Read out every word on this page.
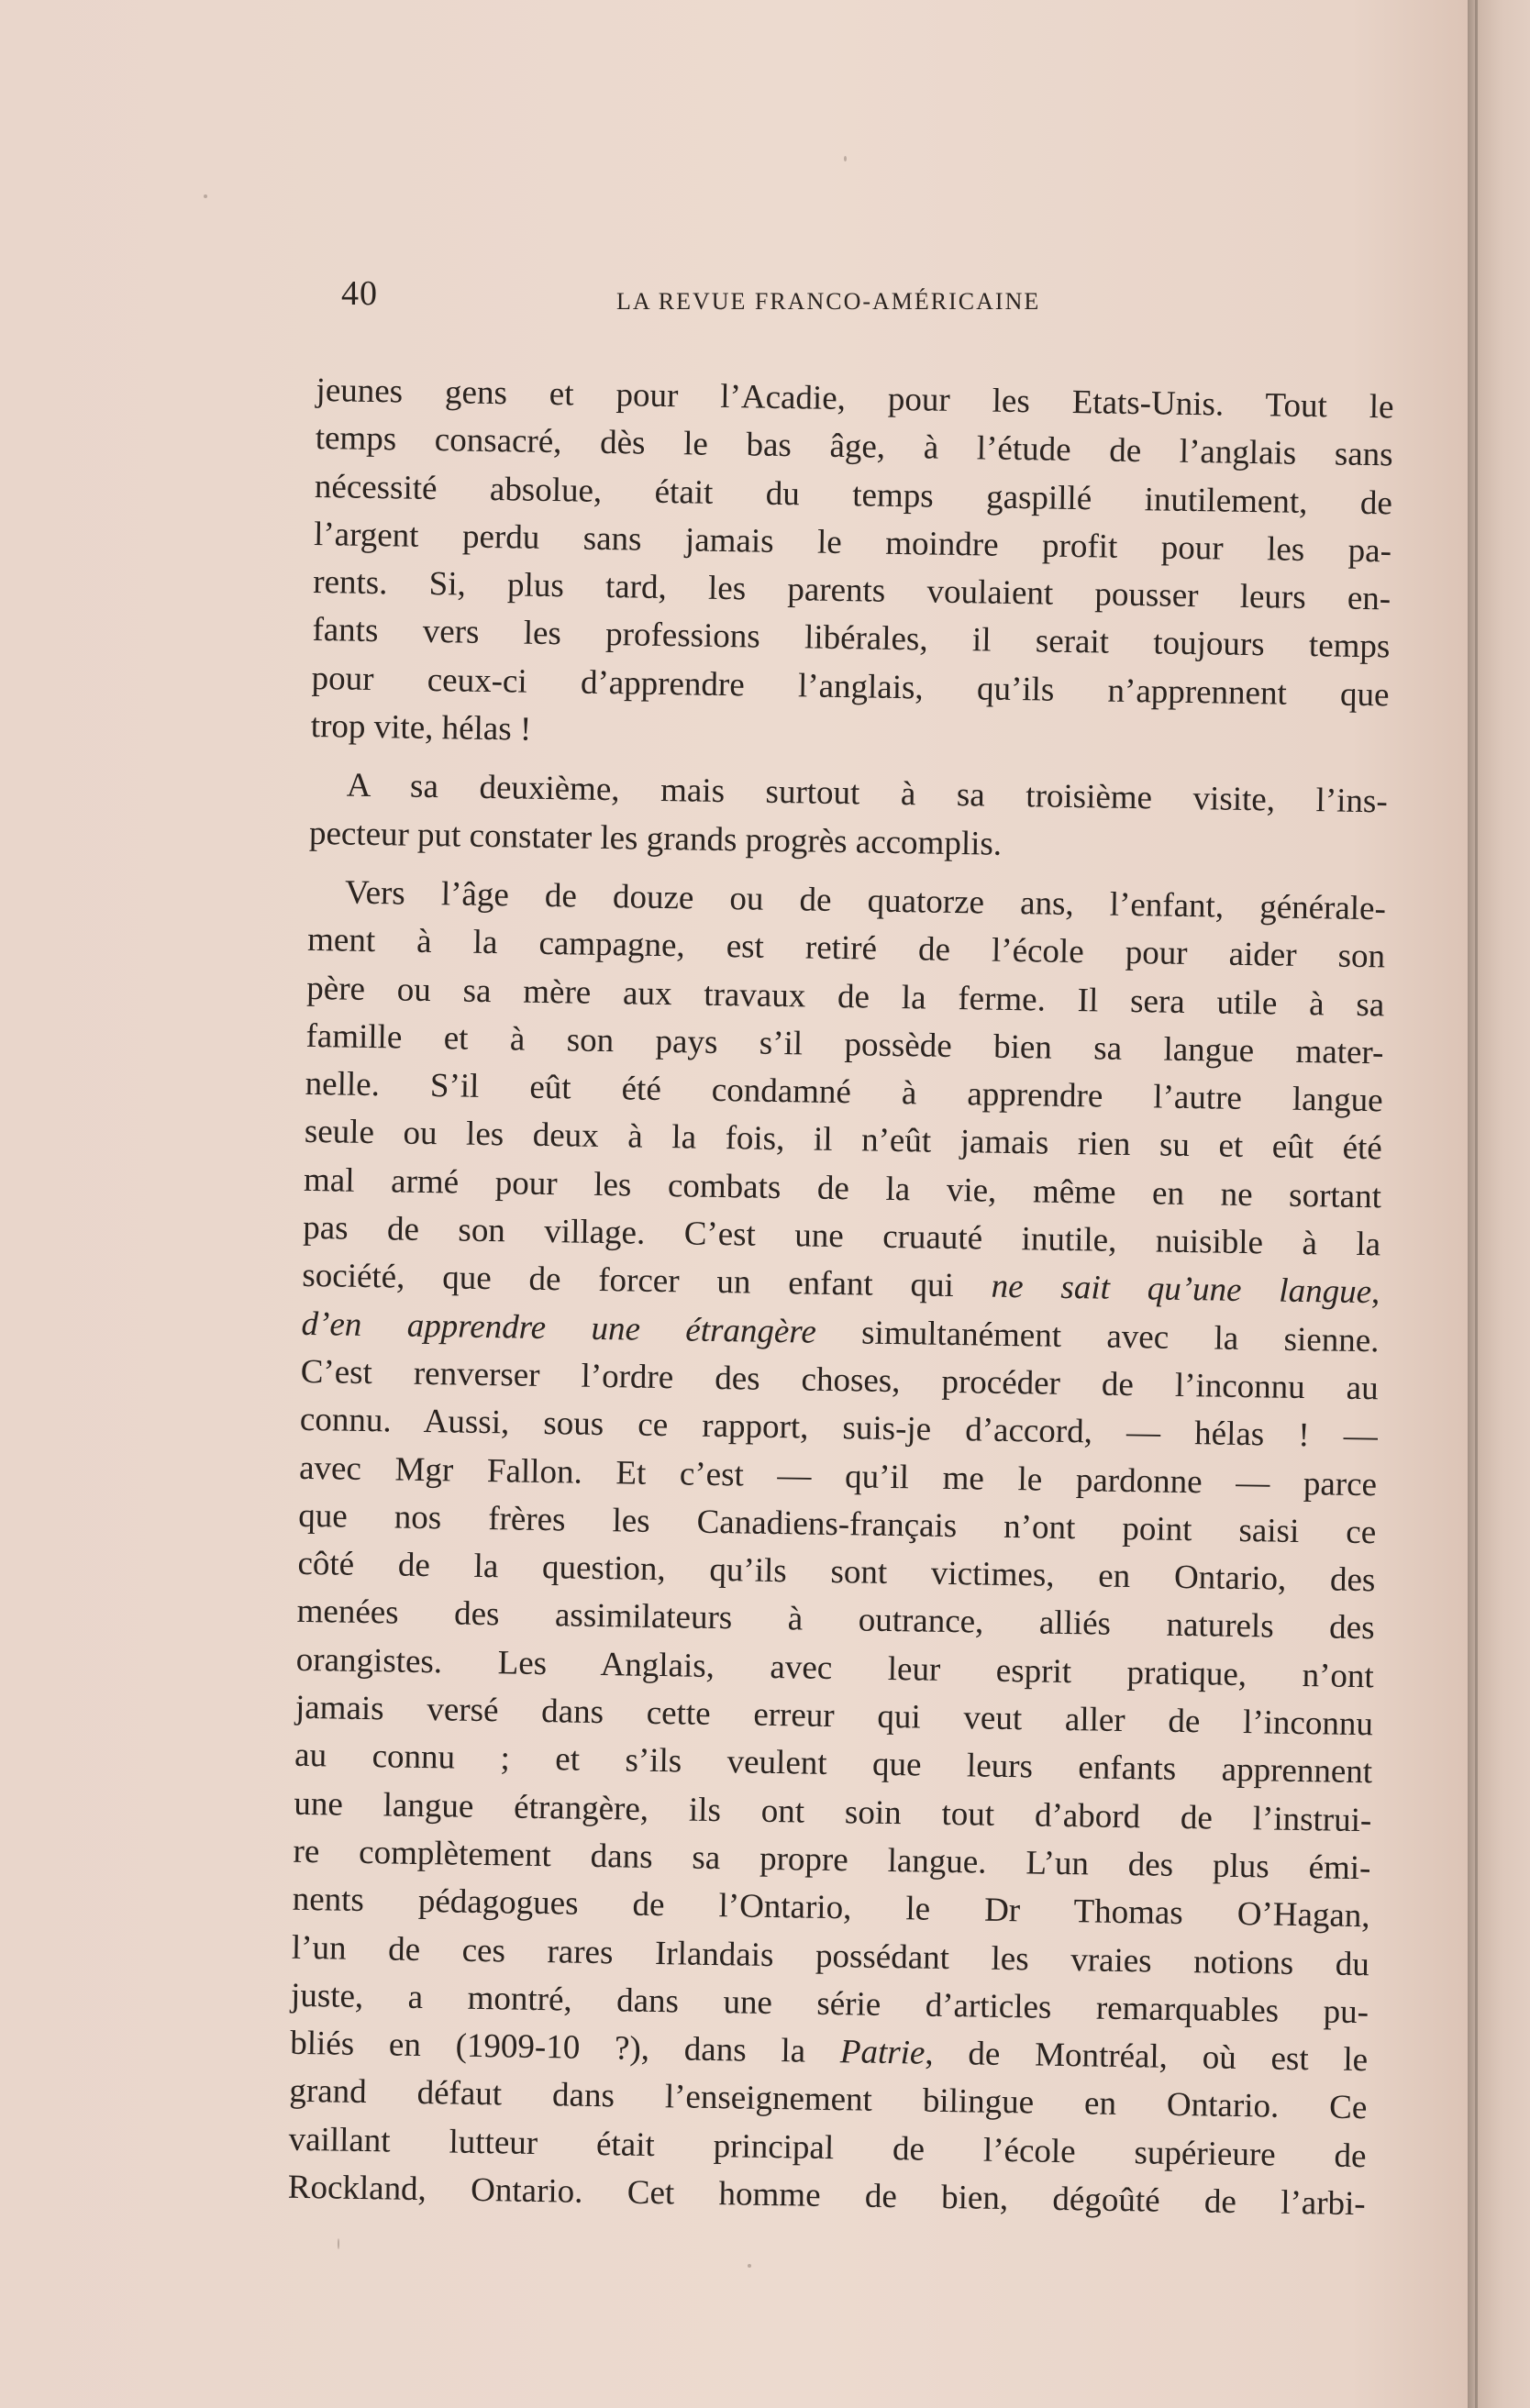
40	LA REVUE FRANCO-AMÉRICAINE
jeunes gens et pour l’Acadie, pour les Etats-Unis. Tout le
temps consacré, dès le bas âge, à l’étude de l’anglais sans
nécessité absolue, était du temps gaspillé inutilement, de
l’argent perdu sans jamais le moindre profit pour les pa-
rents. Si, plus tard, les parents voulaient pousser leurs en-
fants vers les professions libérales, il serait toujours temps
pour ceux-ci d’apprendre l’anglais, qu’ils n’apprennent que
trop vite, hélas !
A sa deuxième, mais surtout à sa troisième visite, l’ins-
pecteur put constater les grands progrès accomplis.
Vers l’âge de douze ou de quatorze ans, l’enfant, générale-
ment à la campagne, est retiré de l’école pour aider son
père ou sa mère aux travaux de la ferme. Il sera utile à sa
famille et à son pays s’il possède bien sa langue mater-
nelle. S’il eût été condamné à apprendre l’autre langue
seule ou les deux à la fois, il n’eût jamais rien su et eût été
mal armé pour les combats de la vie, même en ne sortant
pas de son village. C’est une cruauté inutile, nuisible à la
société, que de forcer un enfant qui ne sait qu’une langue,
d’en apprendre une étrangère simultanément avec la sienne.
C’est renverser l’ordre des choses, procéder de l’inconnu au
connu. Aussi, sous ce rapport, suis-je d’accord, — hélas ! —
avec Mgr Fallon. Et c’est — qu’il me le pardonne — parce
que nos frères les Canadiens-français n’ont point saisi ce
côté de la question, qu’ils sont victimes, en Ontario, des
menées des assimilateurs à outrance, alliés naturels des
orangistes. Les Anglais, avec leur esprit pratique, n’ont
jamais versé dans cette erreur qui veut aller de l’inconnu
au connu ; et s’ils veulent que leurs enfants apprennent
une langue étrangère, ils ont soin tout d’abord de l’instrui-
re complètement dans sa propre langue. L’un des plus émi-
nents pédagogues de l’Ontario, le Dr Thomas O’Hagan,
l’un de ces rares Irlandais possédant les vraies notions du
juste, a montré, dans une série d’articles remarquables pu-
bliés en (1909-10 ?), dans la Patrie, de Montréal, où est le
grand défaut dans l’enseignement bilingue en Ontario. Ce
vaillant lutteur était principal de l’école supérieure de
Rockland, Ontario. Cet homme de bien, dégoûté de l’arbi-
